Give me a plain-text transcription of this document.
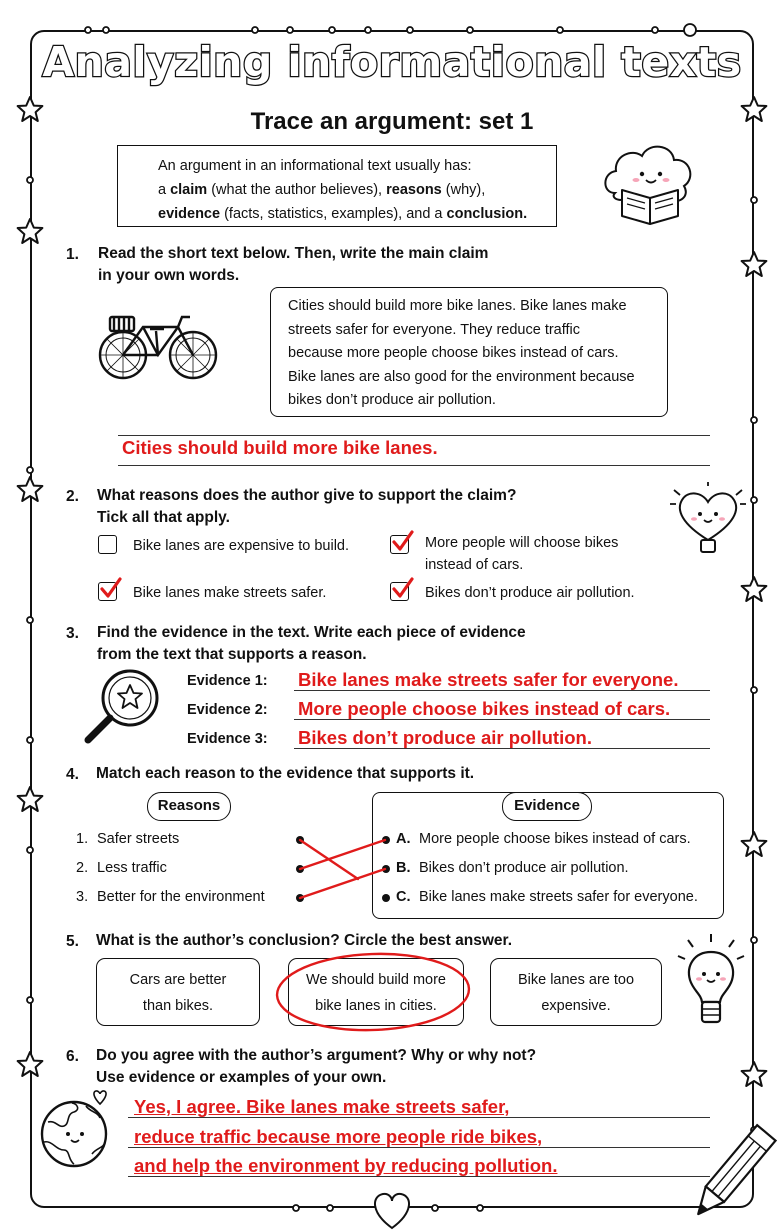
Analyzing informational texts
Trace an argument: set 1
An argument in an informational text usually has:
a claim (what the author believes), reasons (why),
evidence (facts, statistics, examples), and a conclusion.
1. Read the short text below. Then, write the main claim
in your own words.
Cities should build more bike lanes. Bike lanes make
streets safer for everyone. They reduce traffic
because more people choose bikes instead of cars.
Bike lanes are also good for the environment because
bikes don’t produce air pollution.
Cities should build more bike lanes.
2. What reasons does the author give to support the claim?
Tick all that apply.
Bike lanes are expensive to build.	More people will choose bikes
instead of cars.
Bike lanes make streets safer.	Bikes don’t produce air pollution.
3. Find the evidence in the text. Write each piece of evidence
from the text that supports a reason.
Evidence 1: Bike lanes make streets safer for everyone.
Evidence 2: More people choose bikes instead of cars.
Evidence 3: Bikes don’t produce air pollution.
4. Match each reason to the evidence that supports it.
Reasons	Evidence
1. Safer streets
2. Less traffic
3. Better for the environment
A. More people choose bikes instead of cars.
B. Bikes don’t produce air pollution.
C. Bike lanes make streets safer for everyone.
5. What is the author’s conclusion? Circle the best answer.
Cars are better
than bikes.
We should build more
bike lanes in cities.
Bike lanes are too
expensive.
6. Do you agree with the author’s argument? Why or why not?
Use evidence or examples of your own.
Yes, I agree. Bike lanes make streets safer,
reduce traffic because more people ride bikes,
and help the environment by reducing pollution.
